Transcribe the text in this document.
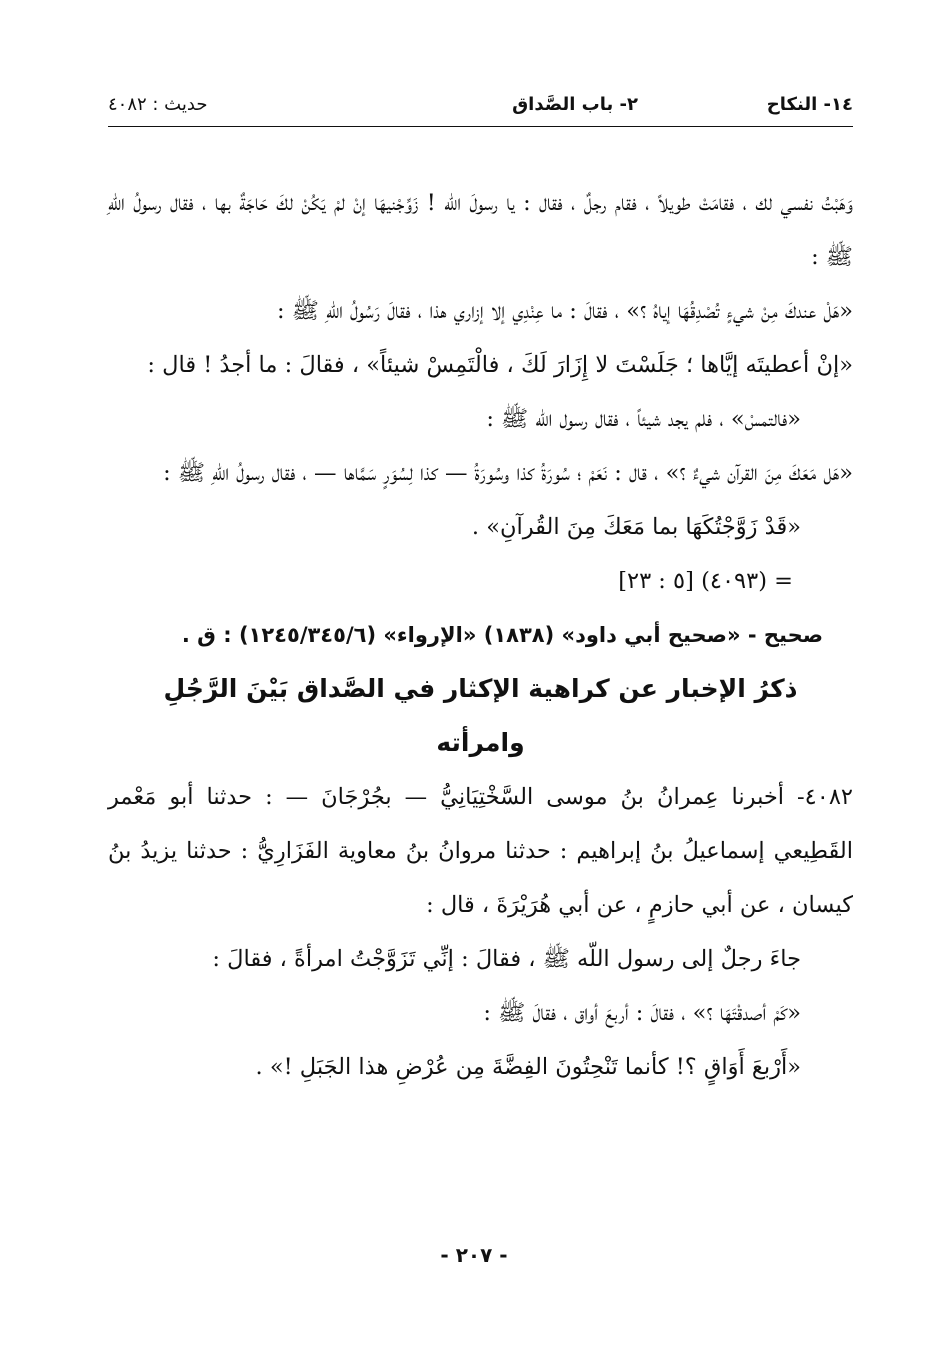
١٤- النكاح
٢- باب الصَّداق
حديث : ٤٠٨٢

وَهَبْتُ نفسي لك ، فقامَتْ طويلاً ، فقام رجلٌ ، فقال : يا رسولَ اللّه ! زَوِّجْنيهَا إنْ لمْ يَكُنْ لكَ حَاجَةٌ بها ، فقال رسولُ اللّهِ ﷺ :

«هَلْ عندكَ مِنْ شيءٍ تُصْدِقُهَا إياهُ ؟» ، فقالَ : ما عِنْدِي إلا إزاري هذا ، فقالَ رَسُولُ اللّهِ ﷺ :

«إنْ أعطيتَه إيَّاها ؛ جَلَسْتَ لا إِزَارَ لَكَ ، فالْتَمِسْ شيئاً» ، فقالَ : ما أجدُ ! قال :

«فالتمسْ» ، فلم يجد شيئاً ، فقال رسول اللّه ﷺ :

«هَل مَعَكَ مِنَ القرآن شيءٌ ؟» ، قال : نَعَمْ ؛ سُورَةُ كذا وسُورَةُ — كذا لِسُوَرٍ سَمَّاها — ، فقال رسولُ اللّهِ ﷺ :

«قَدْ زَوَّجْتُكَهَا بما مَعَكَ مِنَ القُرآنِ» .

= (٤٠٩٣) [٥ : ٢٣]

صحيح - «صحيح أبي داود» (١٨٣٨) «الإرواء» (١٢٤٥/٣٤٥/٦) : ق .

ذكرُ الإخبار عن كراهية الإكثار في الصَّداق بَيْنَ الرَّجُلِ

وامرأته

٤٠٨٢- أخبرنا عِمرانُ بنُ موسى السَّخْتِيَانِيُّ — بجُرْجَانَ — : حدثنا أبو مَعْمر القَطِيعي إسماعيلُ بنُ إبراهيم : حدثنا مروانُ بنُ معاوية الفَزَارِيُّ : حدثنا يزيدُ بنُ كيسان ، عن أبي حازمٍ ، عن أبي هُرَيْرَةَ ، قال :

جاءَ رجلٌ إلى رسول اللّه ﷺ ، فقالَ : إنِّي تَزَوَّجْتُ امرأةً ، فقالَ :

«كَمْ أصدقْتَهَا ؟» ، فقالَ : أربعَ أواق ، فقالَ ﷺ :

«أَرْبعَ أَوَاقٍ ؟! كأنما تَنْحِتُونَ الفِضَّةَ مِن عُرْضِ هذا الجَبَلِ !» .

- ٢٠٧ -
